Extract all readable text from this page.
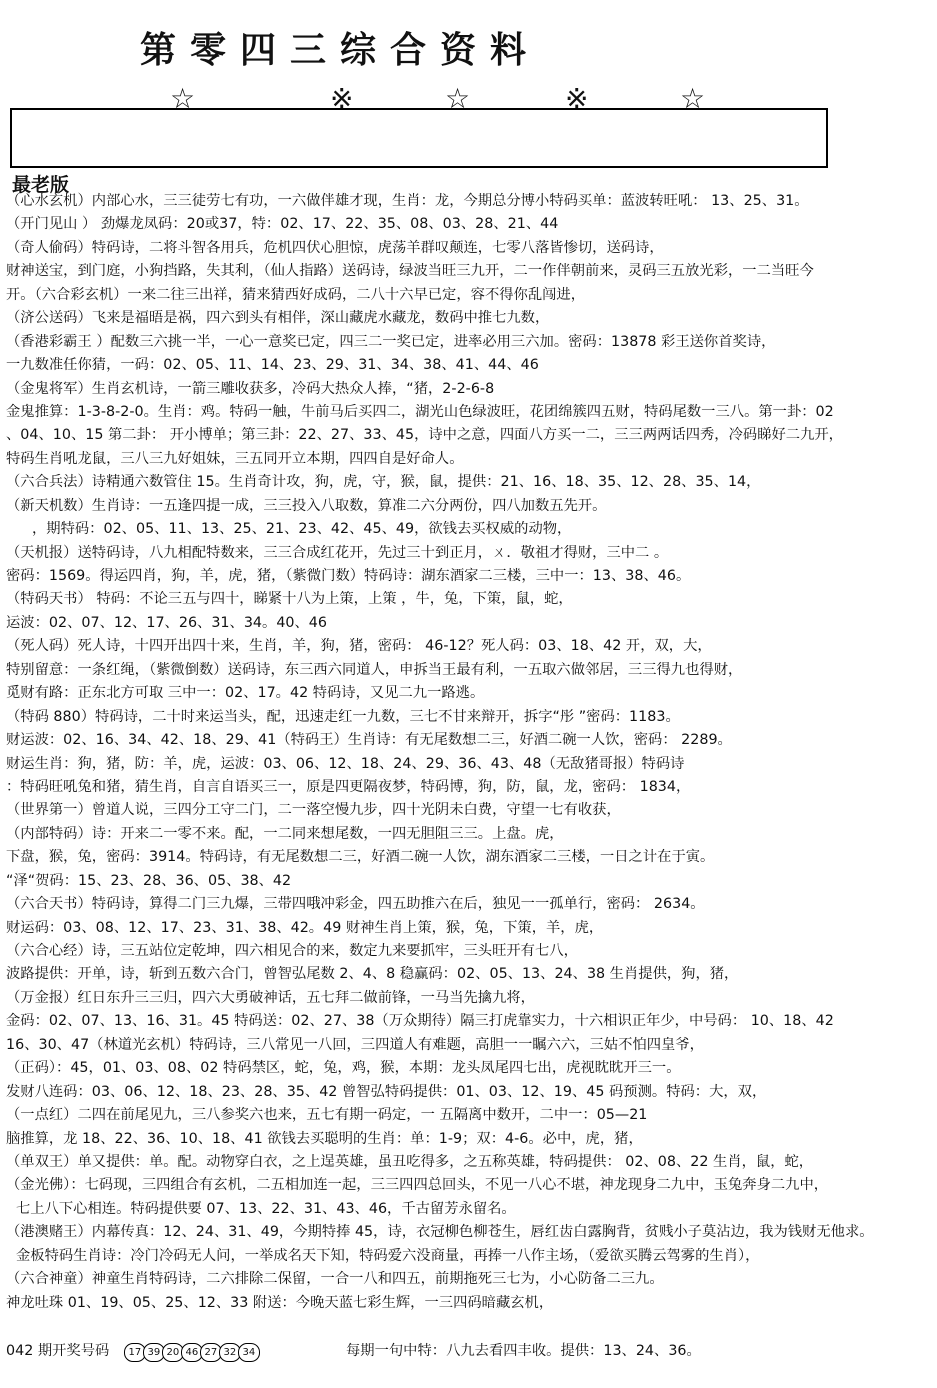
第零四三综合资料
☆	※	☆	※	☆
最老版
（心水玄机）内部心水，三三徒劳七有功，一六做伴雄才现，生肖：龙，今期总分博小特码买单：蓝波转旺吼： 13、25、31。
（开门见山 ） 劲爆龙凤码：20或37，特：02、17、22、35、08、03、28、21、44
（奇人偷码）特码诗，二将斗智各用兵，危机四伏心胆惊，虎荡羊群叹颠连，七零八落皆惨切，送码诗，
财神送宝，到门庭，小狗挡路，失其利，（仙人指路）送码诗，绿波当旺三九开，二一作伴朝前来，灵码三五放光彩，一二当旺今
开。（六合彩玄机）一来二往三出祥，猜来猜西好成码，二八十六早已定，容不得你乱闯进，
（济公送码）飞来是福晤是祸，四六到头有相伴，深山藏虎水藏龙，数码中推七九数，
（香港彩霸王 ）配数三六挑一半，一心一意奖已定，四三二一奖已定，进率必用三六加。密码：13878 彩王送你首奖诗，
一九数准任你猜，一码：02、05、11、14、23、29、31、34、38、41、44、46
（金鬼将军）生肖玄机诗，一箭三雕收获多，冷码大热众人捧，“猪，2-2-6-8
金鬼推算：1-3-8-2-0。生肖：鸡。特码一触，牛前马后买四二，湖光山色绿波旺，花团绵簇四五财，特码尾数一三八。第一卦：02
、04、10、15 第二卦： 开小博单；第三卦：22、27、33、45，诗中之意，四面八方买一二，三三两两话四秀，冷码睇好二九开，
特码生肖吼龙鼠，三八三九好姐妹，三五同开立本期，四四自是好命人。
（六合兵法）诗精通六数管住 15。生肖奇计攻，狗，虎，守，猴，鼠，提供：21、16、18、35、12、28、35、14，
（新天机数）生肖诗：一五逢四提一成，三三投入八取数，算准二六分两份，四八加数五先开。
，期特码：02、05、11、13、25、21、23、42、45、49，欲钱去买权威的动物，
（天机报）送特码诗，八九相配特数来，三三合成红花开，先过三十到正月，ㄨ．敬祖才得财，三中二 。
密码：1569。得运四肖，狗，羊，虎，猪，（紫微门数）特码诗：湖东酒家二三楼，三中一：13、38、46。
（特码天书） 特码：不论三五与四十，睇紧十八为上策，上策 ，牛，兔，下策，鼠，蛇，
运波：02、07、12、17、26、31、34。40、46
（死人码）死人诗，十四开出四十来，生肖，羊，狗，猪，密码： 46-12？死人码：03、18、42 开，双，大，
特别留意：一条红绳，（紫微倒数）送码诗，东三西六同道人，申拆当王最有利，一五取六做邻居，三三得九也得财，
觅财有路：正东北方可取 三中一：02、17。42 特码诗，又见二九一路逃。
（特码 880）特码诗，二十时来运当头，配，迅速走红一九数，三七不甘来辩开，拆字“彤 ”密码：1183。
财运波：02、16、34、42、18、29、41（特码王）生肖诗：有无尾数想二三，好酒二碗一人饮，密码： 2289。
财运生肖：狗，猪，防：羊，虎，运波：03、06、12、18、24、29、36、43、48（无敌猪哥报）特码诗
：特码旺吼兔和猪，猜生肖，自言自语买三一，原是四更隔夜梦，特码博，狗，防，鼠，龙，密码： 1834，
（世界第一）曾道人说，三四分工守二门，二一落空慢九步，四十光阴未白费，守望一七有收获，
（内部特码）诗：开来二一零不来。配，一二同来想尾数，一四无胆阻三三。上盘。虎，
下盘，猴，兔，密码：3914。特码诗，有无尾数想二三，好酒二碗一人饮，湖东酒家二三楼，一日之计在于寅。
“泽“贺码：15、23、28、36、05、38、42
（六合天书）特码诗，算得二门三九爆，三带四哦冲彩金，四五助推六在后，独见一一孤单行，密码： 2634。
财运码：03、08、12、17、23、31、38、42。49 财神生肖上策，猴，兔，下策，羊，虎，
（六合心经）诗，三五站位定乾坤，四六相见合的来，数定九来要抓牢，三头旺开有七八，
波路提供：开单，诗，斩到五数六合门，曾智弘尾数 2、4、8 稳赢码：02、05、13、24、38 生肖提供，狗，猪，
（万金报）红日东升三三归，四六大勇破神话，五七拜二做前锋，一马当先擒九将，
金码：02、07、13、16、31。45 特码送：02、27、38（万众期待）隔三打虎靠实力，十六相识正年少，中号码： 10、18、42
16、30、47（林道光玄机）特码诗，三八常见一八回，三四道人有难题，高胆一一瞩六六，三姑不怕四皇爷，
（正码）：45，01、03、08、02 特码禁区，蛇，兔，鸡，猴，本期：龙头凤尾四七出，虎视眈眈开三一。
发财八连码：03、06、12、18、23、28、35、42 曾智弘特码提供：01、03、12、19、45 码预测。特码：大，双，
（一点红）二四在前尾见九，三八参奖六也来，五七有期一码定，一 五隔离中数开，二中一：05—21
脑推算，龙 18、22、36、10、18、41 欲钱去买聪明的生肖：单：1-9；双：4-6。必中，虎，猪，
（单双王）单又提供：单。配。动物穿白衣，之上逞英雄，虽丑吃得多，之五称英雄，特码提供： 02、08、22 生肖，鼠，蛇，
（金光佛）：七码现，三四组合有玄机，二五相加连一起，三三四四总回头，不见一八心不堪，神龙现身二九中，玉兔奔身二九中，
七上八下心相连。特码提供要 07、13、22、31、43、46，千古留芳永留名。
（港澳赌王）内幕传真：12、24、31、49，今期特捧 45，诗，衣冠柳色柳苍生，唇红齿白露胸背，贫贱小子莫沾边，我为钱财无他求。
金板特码生肖诗：冷门冷码无人问，一举成名天下知，特码爱六没商量，再捧一八作主场，（爱欲买腾云驾雾的生肖），
（六合神童）神童生肖特码诗，二六排除二保留，一合一八和四五，前期拖死三七为，小心防备二三九。
神龙吐珠 01、19、05、25、12、33 附送：今晚天蓝七彩生辉，一三四码暗藏玄机，
042 期开奖号码 17 39 20 46 27 32 34	每期一句中特：八九去看四丰收。提供：13、24、36。
